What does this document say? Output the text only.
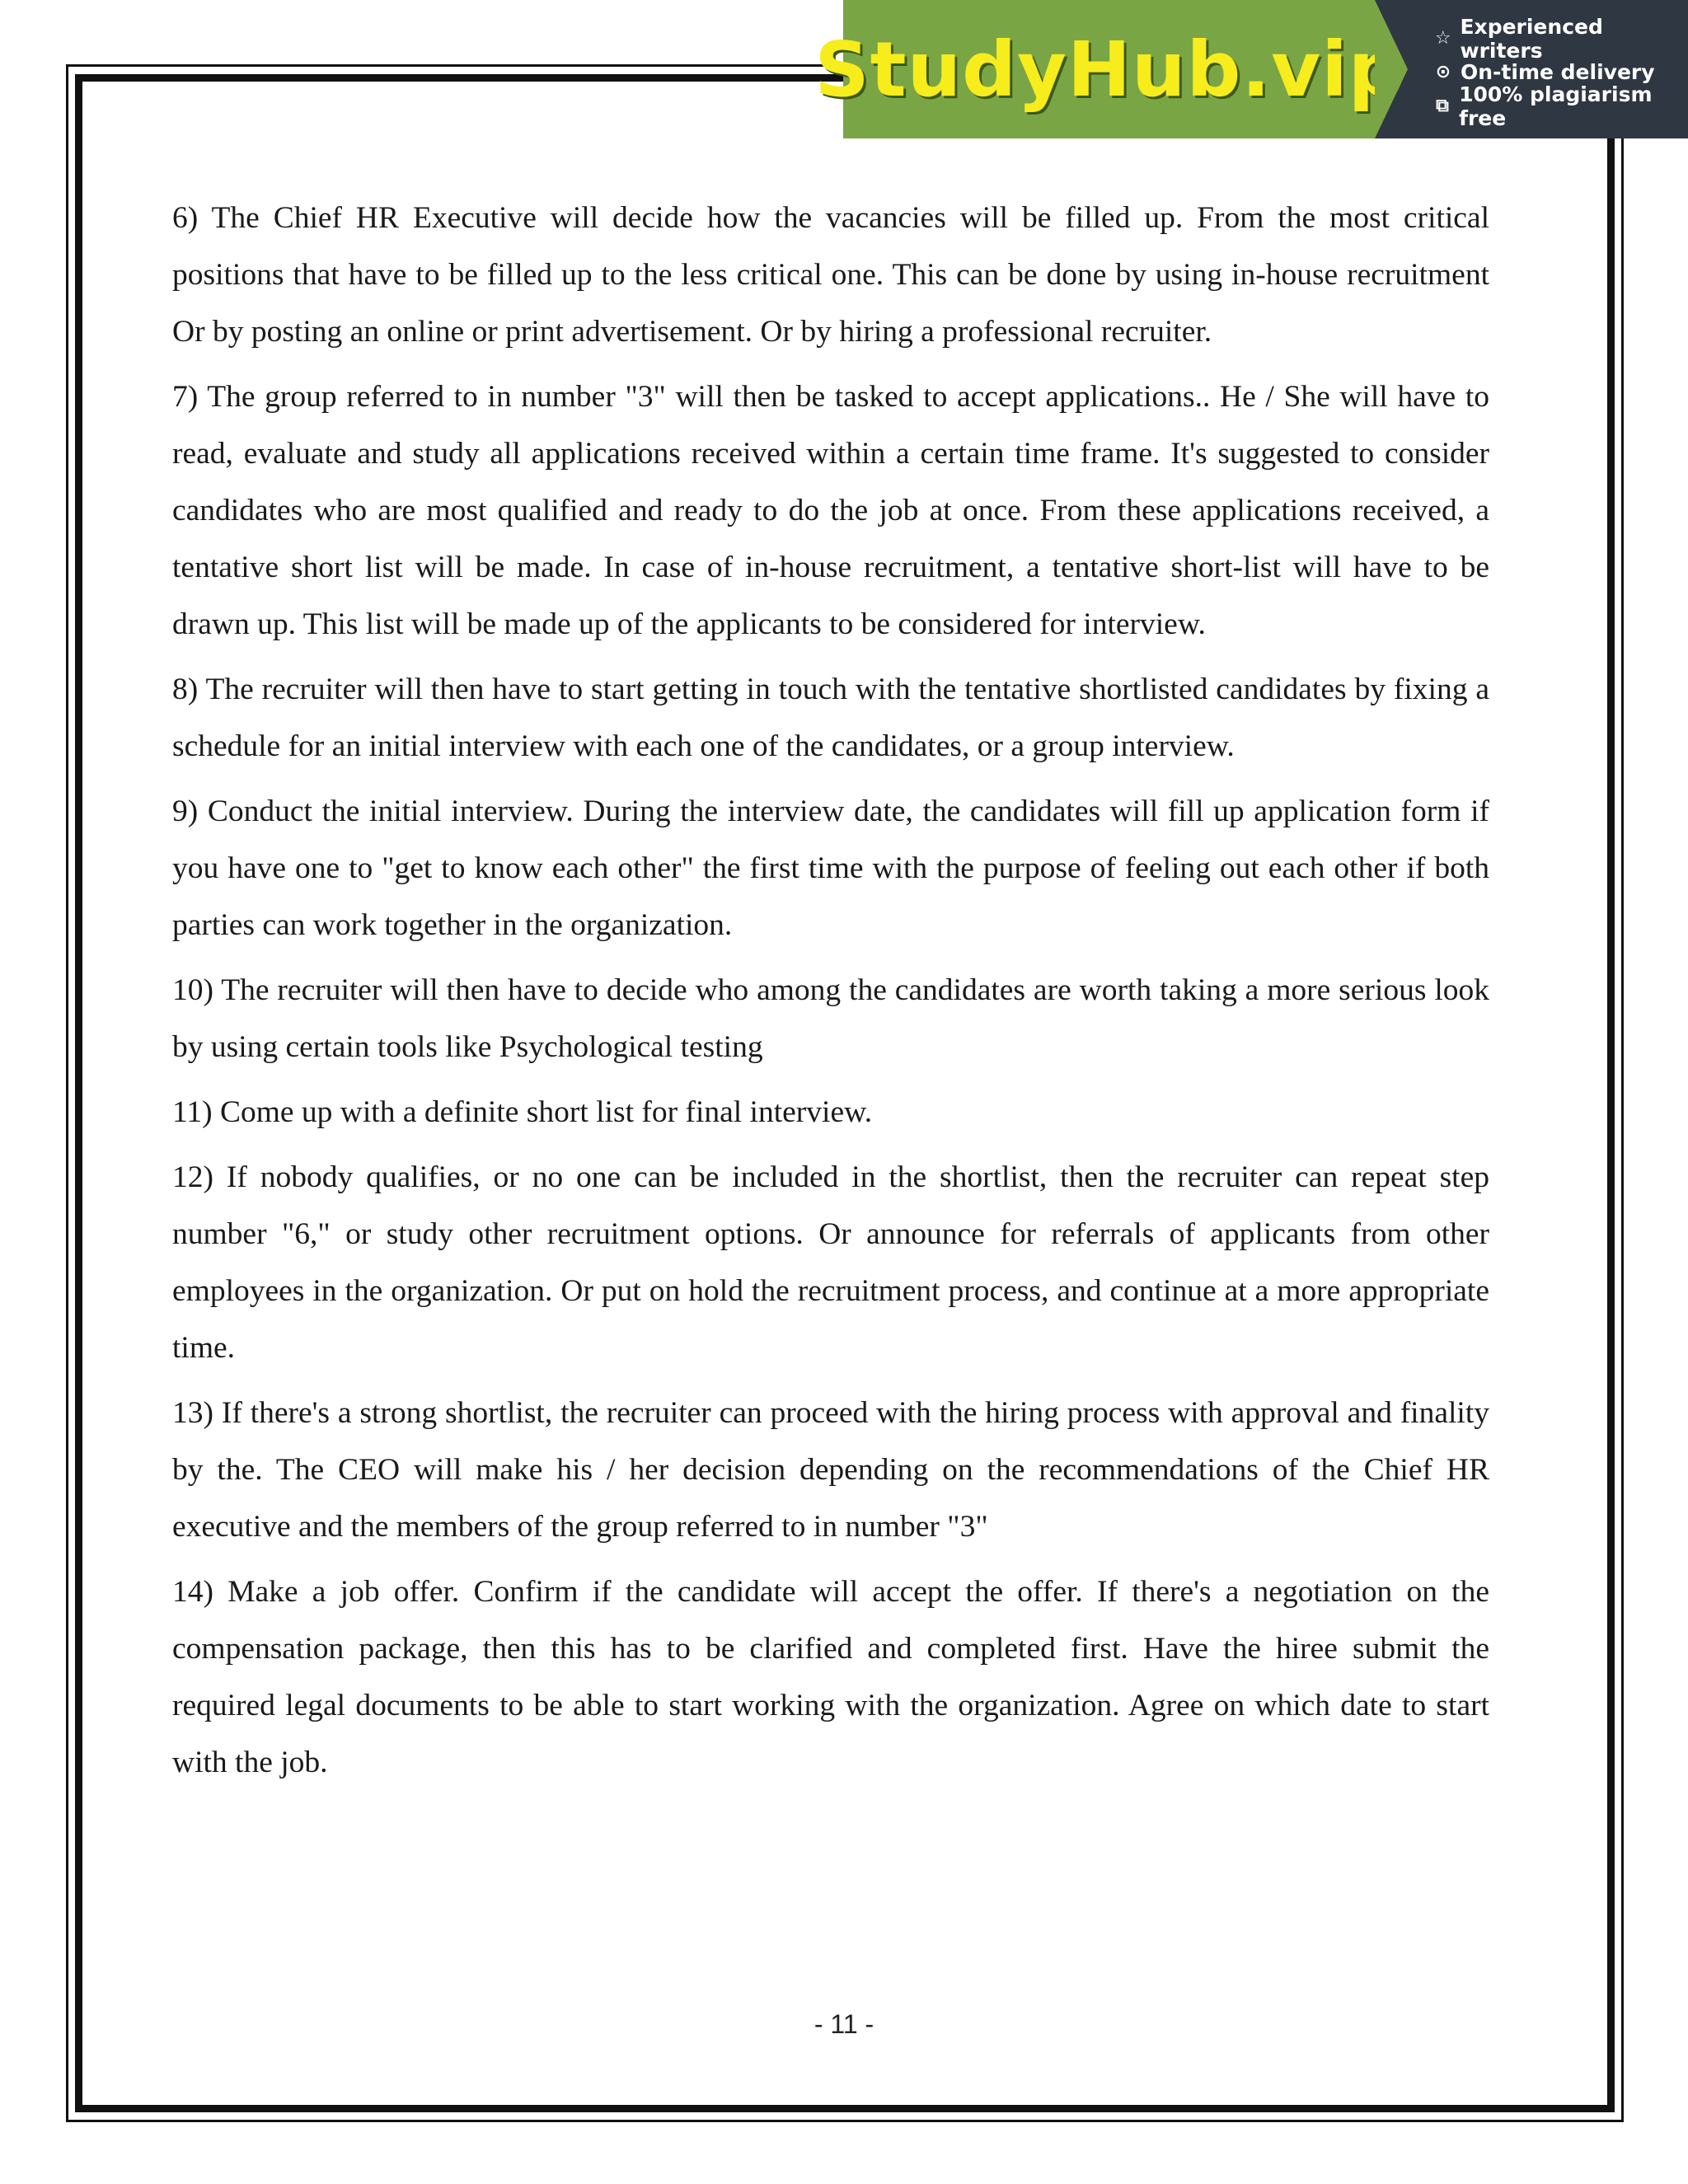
StudyHub.vip ☆ Experienced writers
⊙ On-time delivery
⧉ 100% plagiarism free

6) The Chief HR Executive will decide how the vacancies will be filled up. From the most critical positions that have to be filled up to the less critical one. This can be done by using in-house recruitment Or by posting an online or print advertisement. Or by hiring a professional recruiter.

7) The group referred to in number "3" will then be tasked to accept applications.. He / She will have to read, evaluate and study all applications received within a certain time frame. It's suggested to consider candidates who are most qualified and ready to do the job at once. From these applications received, a tentative short list will be made. In case of in-house recruitment, a tentative short-list will have to be drawn up. This list will be made up of the applicants to be considered for interview.

8) The recruiter will then have to start getting in touch with the tentative shortlisted candidates by fixing a schedule for an initial interview with each one of the candidates, or a group interview.

9) Conduct the initial interview. During the interview date, the candidates will fill up application form if you have one to "get to know each other" the first time with the purpose of feeling out each other if both parties can work together in the organization.

10) The recruiter will then have to decide who among the candidates are worth taking a more serious look by using certain tools like Psychological testing

11) Come up with a definite short list for final interview.

12) If nobody qualifies, or no one can be included in the shortlist, then the recruiter can repeat step number "6," or study other recruitment options. Or announce for referrals of applicants from other employees in the organization. Or put on hold the recruitment process, and continue at a more appropriate time.

13) If there's a strong shortlist, the recruiter can proceed with the hiring process with approval and finality by the. The CEO will make his / her decision depending on the recommendations of the Chief HR executive and the members of the group referred to in number "3"

14) Make a job offer. Confirm if the candidate will accept the offer. If there's a negotiation on the compensation package, then this has to be clarified and completed first. Have the hiree submit the required legal documents to be able to start working with the organization. Agree on which date to start with the job.

- 11 -
